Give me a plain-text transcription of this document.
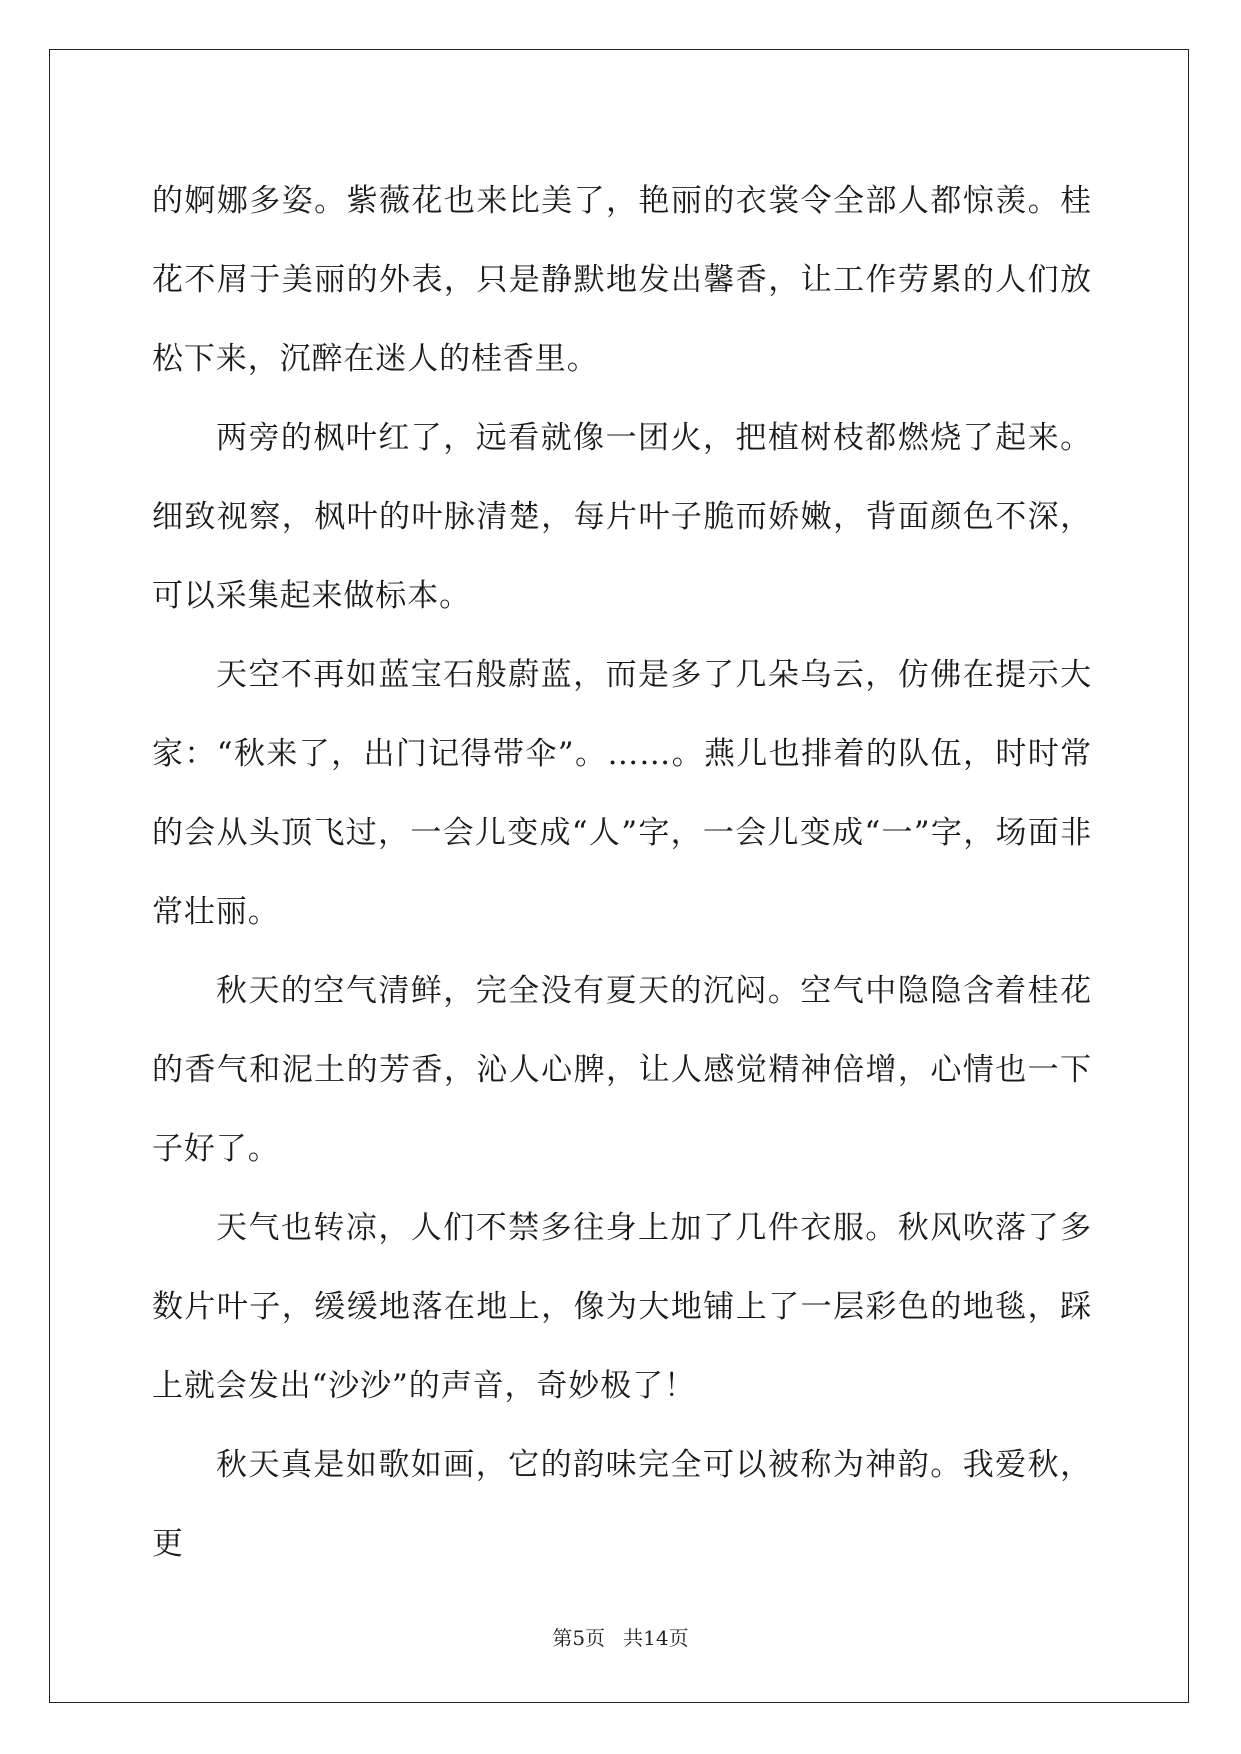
的婀娜多姿。紫薇花也来比美了，艳丽的衣裳令全部人都惊羡。桂花不屑于美丽的外表，只是静默地发出馨香，让工作劳累的人们放松下来，沉醉在迷人的桂香里。

两旁的枫叶红了，远看就像一团火，把植树枝都燃烧了起来。细致视察，枫叶的叶脉清楚，每片叶子脆而娇嫩，背面颜色不深，可以采集起来做标本。

天空不再如蓝宝石般蔚蓝，而是多了几朵乌云，仿佛在提示大家：“秋来了，出门记得带伞”。……。燕儿也排着的队伍，时时常的会从头顶飞过，一会儿变成“人”字，一会儿变成“一”字，场面非常壮丽。

秋天的空气清鲜，完全没有夏天的沉闷。空气中隐隐含着桂花的香气和泥土的芳香，沁人心脾，让人感觉精神倍增，心情也一下子好了。

天气也转凉，人们不禁多往身上加了几件衣服。秋风吹落了多数片叶子，缓缓地落在地上，像为大地铺上了一层彩色的地毯，踩上就会发出“沙沙”的声音，奇妙极了！

秋天真是如歌如画，它的韵味完全可以被称为神韵。我爱秋，更

第5页 共14页
